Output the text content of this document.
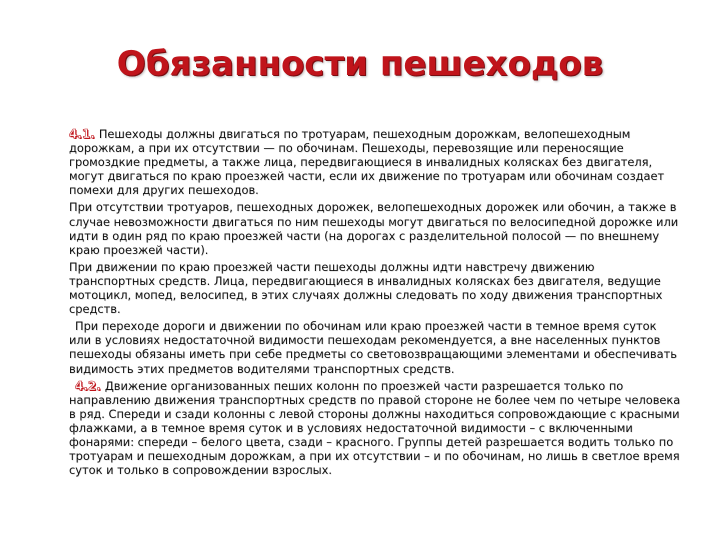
Обязанности пешеходов

4.1. Пешеходы должны двигаться по тротуарам, пешеходным дорожкам, велопешеходным дорожкам, а при их отсутствии — по обочинам. Пешеходы, перевозящие или переносящие громоздкие предметы, а также лица, передвигающиеся в инвалидных колясках без двигателя, могут двигаться по краю проезжей части, если их движение по тротуарам или обочинам создает помехи для других пешеходов.

При отсутствии тротуаров, пешеходных дорожек, велопешеходных дорожек или обочин, а также в случае невозможности двигаться по ним пешеходы могут двигаться по велосипедной дорожке или идти в один ряд по краю проезжей части (на дорогах с разделительной полосой — по внешнему краю проезжей части).

При движении по краю проезжей части пешеходы должны идти навстречу движению транспортных средств. Лица, передвигающиеся в инвалидных колясках без двигателя, ведущие мотоцикл, мопед, велосипед, в этих случаях должны следовать по ходу движения транспортных средств.

При переходе дороги и движении по обочинам или краю проезжей части в темное время суток или в условиях недостаточной видимости пешеходам рекомендуется, а вне населенных пунктов пешеходы обязаны иметь при себе предметы со световозвращающими элементами и обеспечивать видимость этих предметов водителями транспортных средств.

4.2. Движение организованных пеших колонн по проезжей части разрешается только по направлению движения транспортных средств по правой стороне не более чем по четыре человека в ряд. Спереди и сзади колонны с левой стороны должны находиться сопровождающие с красными флажками, а в темное время суток и в условиях недостаточной видимости – с включенными фонарями: спереди – белого цвета, сзади – красного. Группы детей разрешается водить только по тротуарам и пешеходным дорожкам, а при их отсутствии – и по обочинам, но лишь в светлое время суток и только в сопровождении взрослых.
